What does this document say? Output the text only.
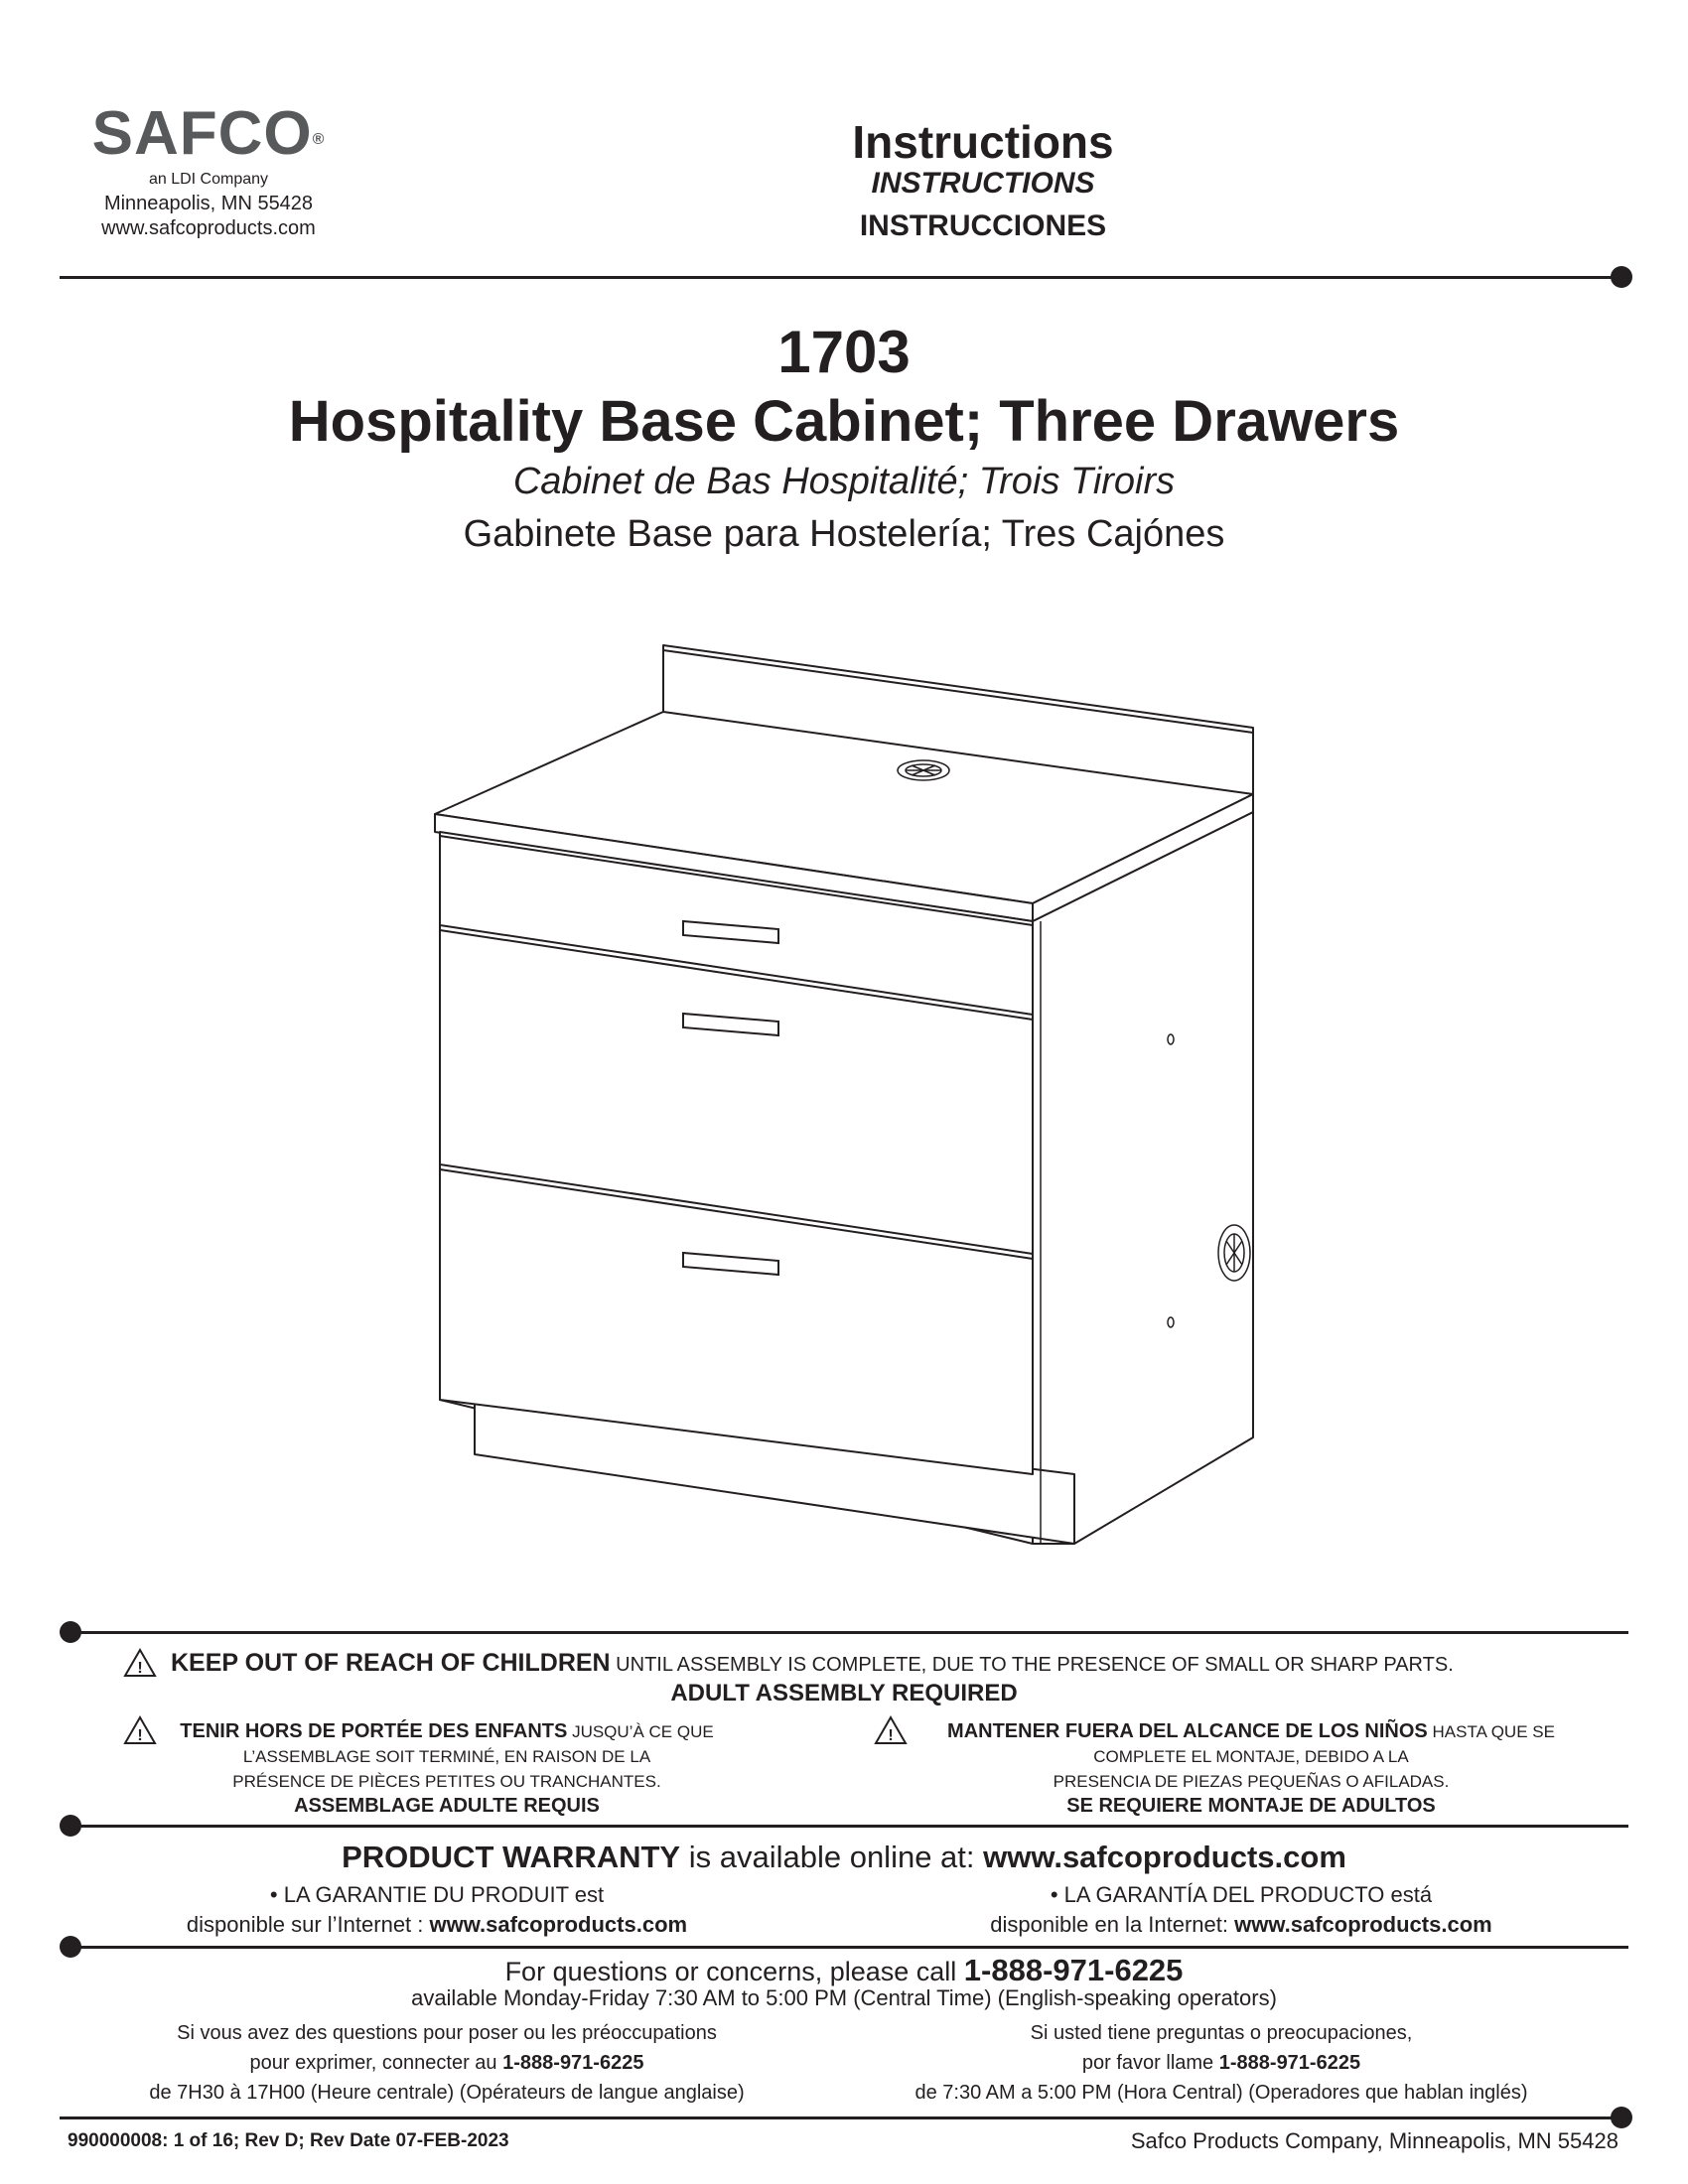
SAFCO®
an LDI Company
Minneapolis, MN 55428
www.safcoproducts.com
Instructions
INSTRUCTIONS
INSTRUCCIONES
1703
Hospitality Base Cabinet; Three Drawers
Cabinet de Bas Hospitalité; Trois Tiroirs
Gabinete Base para Hostelería; Tres Cajónes
! KEEP OUT OF REACH OF CHILDREN UNTIL ASSEMBLY IS COMPLETE, DUE TO THE PRESENCE OF SMALL OR SHARP PARTS.
ADULT ASSEMBLY REQUIRED
!	TENIR HORS DE PORTÉE DES ENFANTS JUSQU’À CE QUE
L’ASSEMBLAGE SOIT TERMINÉ, EN RAISON DE LA
PRÉSENCE DE PIÈCES PETITES OU TRANCHANTES.
ASSEMBLAGE ADULTE REQUIS
!	MANTENER FUERA DEL ALCANCE DE LOS NIÑOS HASTA QUE SE
COMPLETE EL MONTAJE, DEBIDO A LA
PRESENCIA DE PIEZAS PEQUEÑAS O AFILADAS.
SE REQUIERE MONTAJE DE ADULTOS
PRODUCT WARRANTY is available online at: www.safcoproducts.com
• LA GARANTIE DU PRODUIT est
disponible sur l’Internet : www.safcoproducts.com
• LA GARANTÍA DEL PRODUCTO está
disponible en la Internet: www.safcoproducts.com
For questions or concerns, please call 1-888-971-6225
available Monday-Friday 7:30 AM to 5:00 PM (Central Time) (English-speaking operators)
Si vous avez des questions pour poser ou les préoccupations
pour exprimer, connecter au 1-888-971-6225
de 7H30 à 17H00 (Heure centrale) (Opérateurs de langue anglaise)
Si usted tiene preguntas o preocupaciones,
por favor llame 1-888-971-6225
de 7:30 AM a 5:00 PM (Hora Central) (Operadores que hablan inglés)
990000008: 1 of 16; Rev D; Rev Date 07-FEB-2023	Safco Products Company, Minneapolis, MN 55428
